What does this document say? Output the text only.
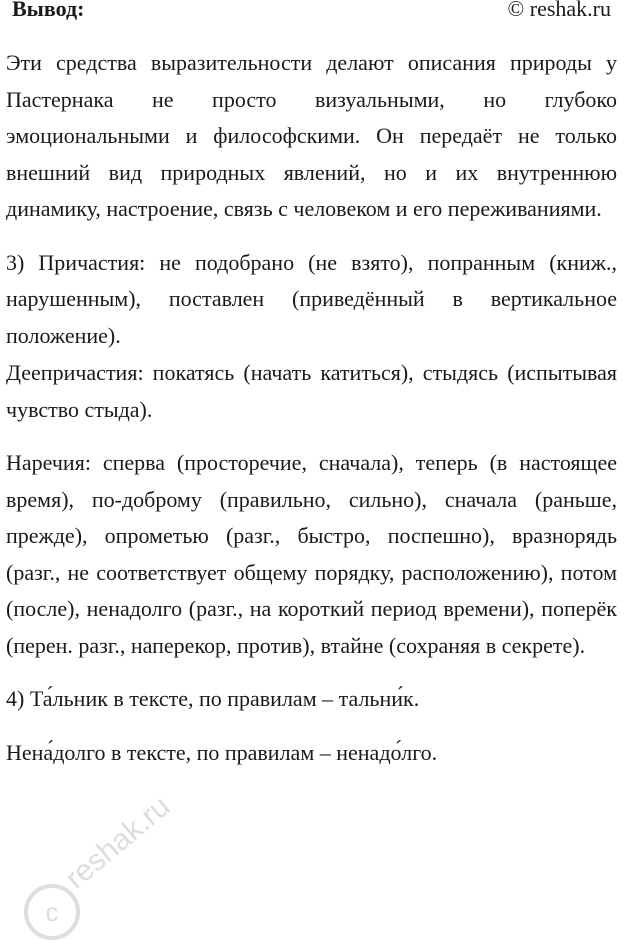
Вывод:	© reshak.ru

Эти средства выразительности делают описания природы у Пастернака не просто визуальными, но глубоко эмоциональными и философскими. Он передаёт не только внешний вид природных явлений, но и их внутреннюю динамику, настроение, связь с человеком и его переживаниями.

3) Причастия: не подобрано (не взято), попранным (книж., нарушенным), поставлен (приведённый в вертикальное положение).

Деепричастия: покатясь (начать катиться), стыдясь (испытывая чувство стыда).

Наречия: сперва (просторечие, сначала), теперь (в настоящее время), по-доброму (правильно, сильно), сначала (раньше, прежде), опрометью (разг., быстро, поспешно), вразнорядь (разг., не соответствует общему порядку, расположению), потом (после), ненадолго (разг., на короткий период времени), поперёк (перен. разг., наперекор, против), втайне (сохраняя в секрете).

4) Та́льник в тексте, по правилам – тальни́к.

Нена́долго в тексте, по правилам – ненадо́лго.

c
reshak.ru
